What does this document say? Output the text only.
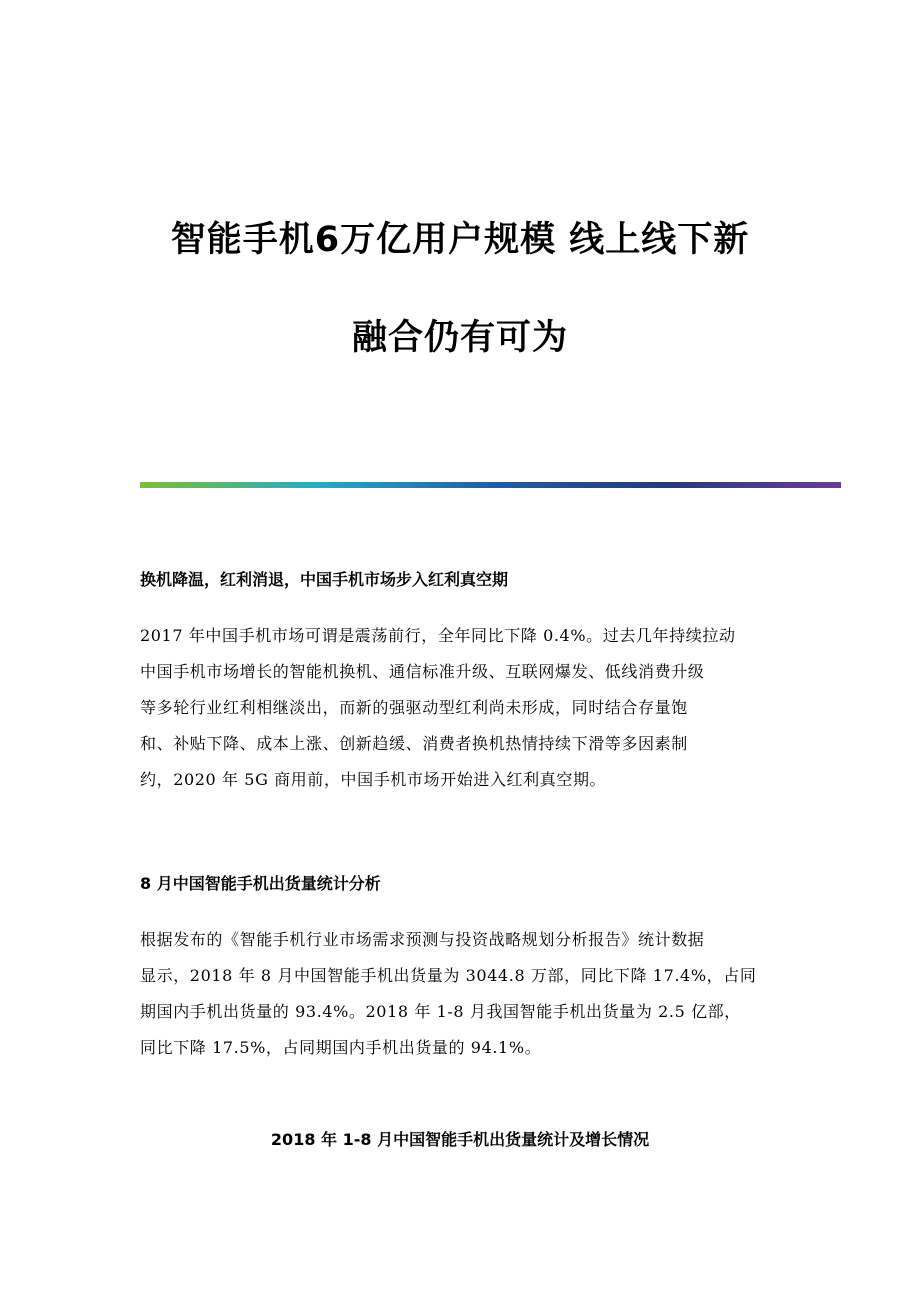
智能手机6万亿用户规模 线上线下新
融合仍有可为
换机降温，红利消退，中国手机市场步入红利真空期
2017 年中国手机市场可谓是震荡前行，全年同比下降 0.4%。过去几年持续拉动
中国手机市场增长的智能机换机、通信标准升级、互联网爆发、低线消费升级
等多轮行业红利相继淡出，而新的强驱动型红利尚未形成，同时结合存量饱
和、补贴下降、成本上涨、创新趋缓、消费者换机热情持续下滑等多因素制
约，2020 年 5G 商用前，中国手机市场开始进入红利真空期。
8 月中国智能手机出货量统计分析
根据发布的《智能手机行业市场需求预测与投资战略规划分析报告》统计数据
显示，2018 年 8 月中国智能手机出货量为 3044.8 万部，同比下降 17.4%，占同
期国内手机出货量的 93.4%。2018 年 1-8 月我国智能手机出货量为 2.5 亿部，
同比下降 17.5%，占同期国内手机出货量的 94.1%。
2018 年 1-8 月中国智能手机出货量统计及增长情况
